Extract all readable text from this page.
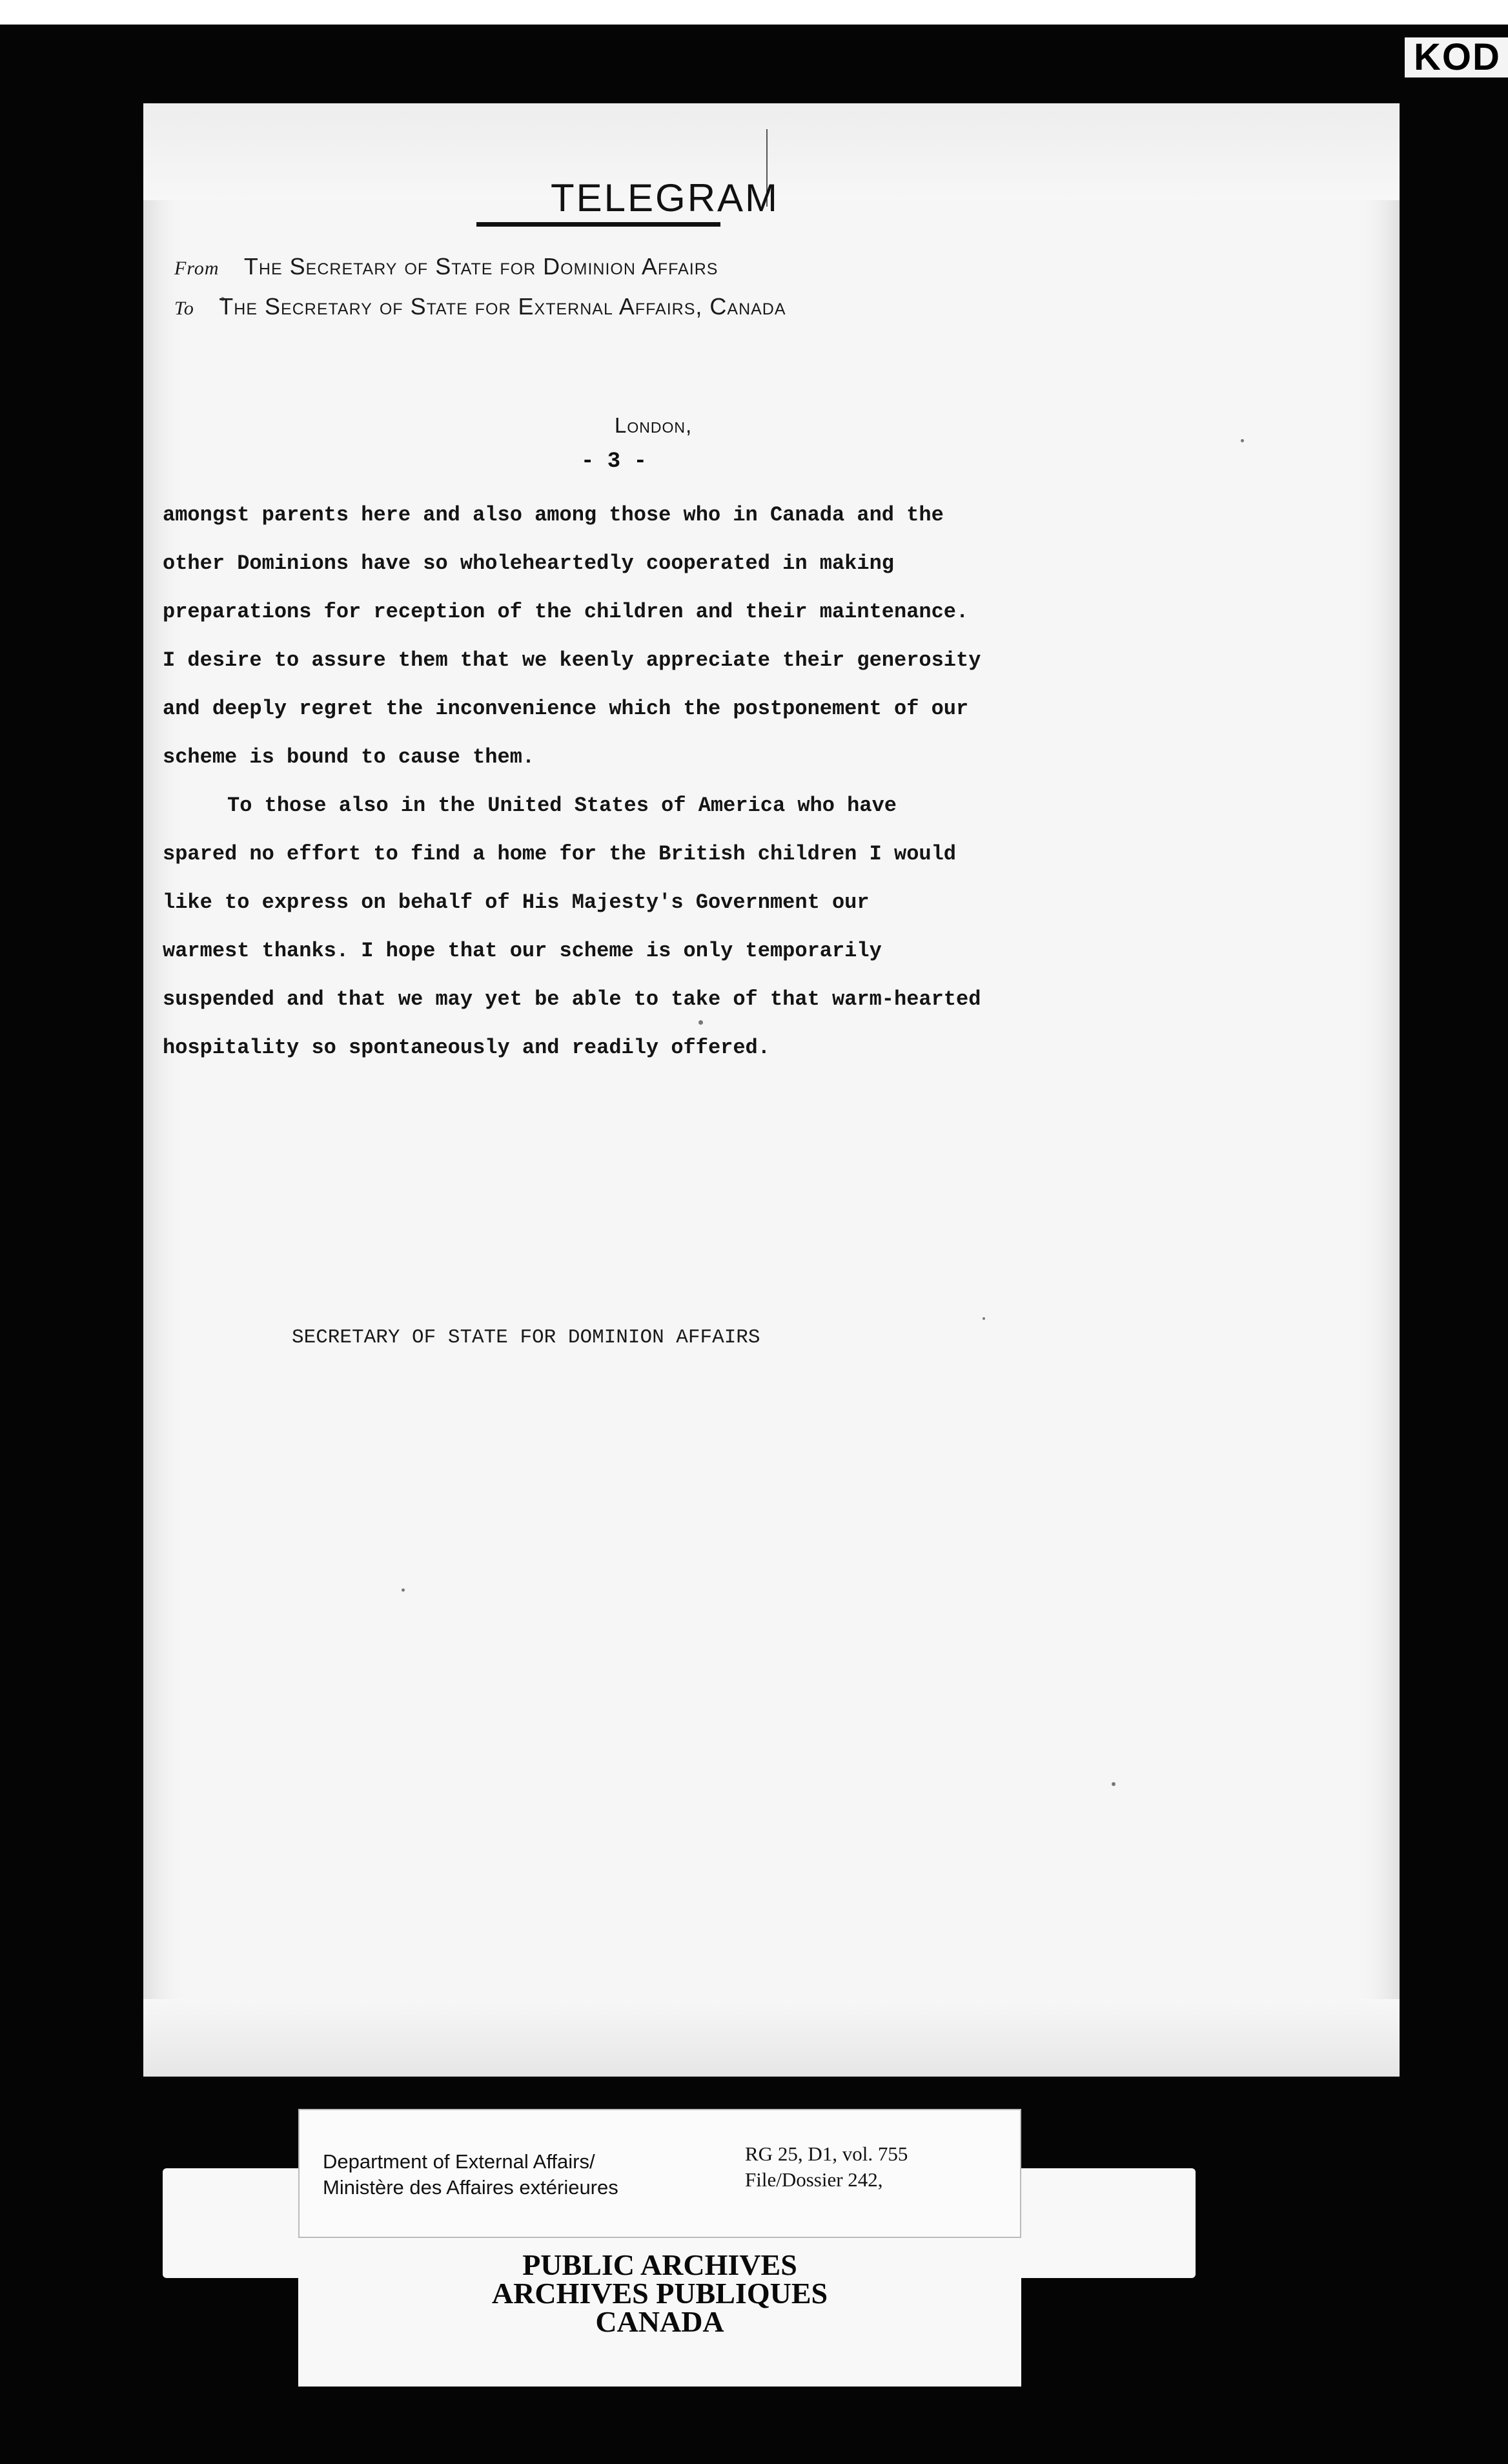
KOD
TELEGRAM
From The Secretary of State for Dominion Affairs
To The Secretary of State for External Affairs, Canada
London,
- 3 -
amongst parents here and also among those who in Canada and the
other Dominions have so wholeheartedly cooperated in making
preparations for reception of the children and their maintenance.
I desire to assure them that we keenly appreciate their generosity
and deeply regret the inconvenience which the postponement of our
scheme is bound to cause them.
To those also in the United States of America who have
spared no effort to find a home for the British children I would
like to express on behalf of His Majesty's Government our
warmest thanks. I hope that our scheme is only temporarily
suspended and that we may yet be able to take of that warm-hearted
hospitality so spontaneously and readily offered.
SECRETARY OF STATE FOR DOMINION AFFAIRS
Department of External Affairs/
Ministère des Affaires extérieures
RG 25, D1, vol. 755
File/Dossier 242,
PUBLIC ARCHIVES
ARCHIVES PUBLIQUES
CANADA
